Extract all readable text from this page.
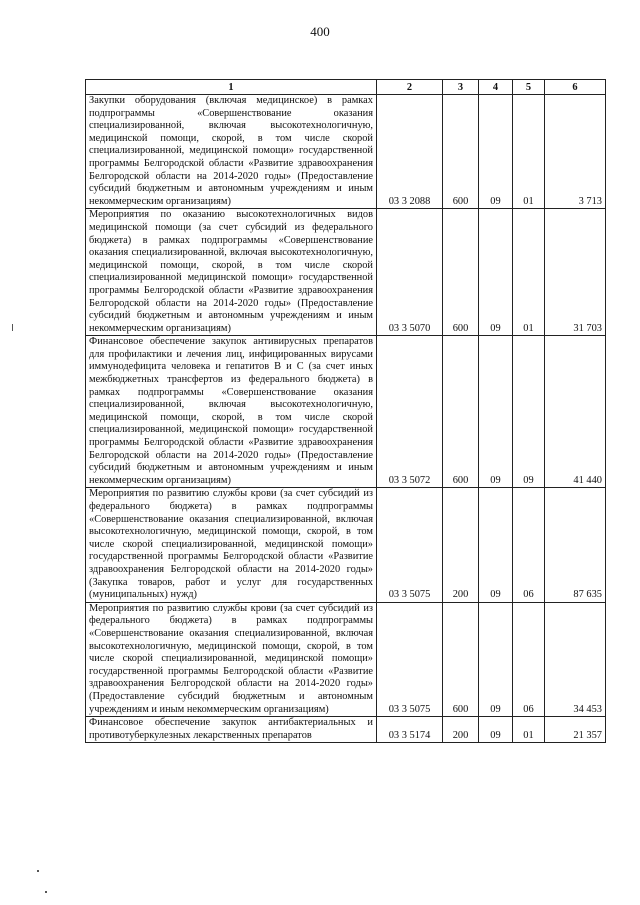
400
1	2	3	4	5	6
Закупки оборудования (включая медицинское) в рамках подпрограммы «Совершенствование оказания специализированной, включая высокотехнологичную, медицинской помощи, скорой, в том числе скорой специализированной, медицинской помощи» государственной программы Белгородской области «Развитие здравоохранения Белгородской области на 2014-2020 годы» (Предоставление субсидий бюджетным и автономным учреждениям и иным некоммерческим организациям)	03 3 2088	600	09	01	3 713
Мероприятия по оказанию высокотехнологичных видов медицинской помощи (за счет субсидий из федерального бюджета) в рамках подпрограммы «Совершенствование оказания специализированной, включая высокотехнологичную, медицинской помощи, скорой, в том числе скорой специализированной медицинской помощи» государственной программы Белгородской области «Развитие здравоохранения Белгородской области на 2014-2020 годы» (Предоставление субсидий бюджетным и автономным учреждениям и иным некоммерческим организациям)	03 3 5070	600	09	01	31 703
Финансовое обеспечение закупок антивирусных препаратов для профилактики и лечения лиц, инфицированных вирусами иммунодефицита человека и гепатитов В и С (за счет иных межбюджетных трансфертов из федерального бюджета) в рамках подпрограммы «Совершенствование оказания специализированной, включая высокотехнологичную, медицинской помощи, скорой, в том числе скорой специализированной, медицинской помощи» государственной программы Белгородской области «Развитие здравоохранения Белгородской области на 2014-2020 годы» (Предоставление субсидий бюджетным и автономным учреждениям и иным некоммерческим организациям)	03 3 5072	600	09	09	41 440
Мероприятия по развитию службы крови (за счет субсидий из федерального бюджета) в рамках подпрограммы «Совершенствование оказания специализированной, включая высокотехнологичную, медицинской помощи, скорой, в том числе скорой специализированной, медицинской помощи» государственной программы Белгородской области «Развитие здравоохранения Белгородской области на 2014-2020 годы» (Закупка товаров, работ и услуг для государственных (муниципальных) нужд)	03 3 5075	200	09	06	87 635
Мероприятия по развитию службы крови (за счет субсидий из федерального бюджета) в рамках подпрограммы «Совершенствование оказания специализированной, включая высокотехнологичную, медицинской помощи, скорой, в том числе скорой специализированной, медицинской помощи» государственной программы Белгородской области «Развитие здравоохранения Белгородской области на 2014-2020 годы» (Предоставление субсидий бюджетным и автономным учреждениям и иным некоммерческим организациям)	03 3 5075	600	09	06	34 453
Финансовое обеспечение закупок антибактериальных и противотуберкулезных лекарственных препаратов	03 3 5174	200	09	01	21 357
